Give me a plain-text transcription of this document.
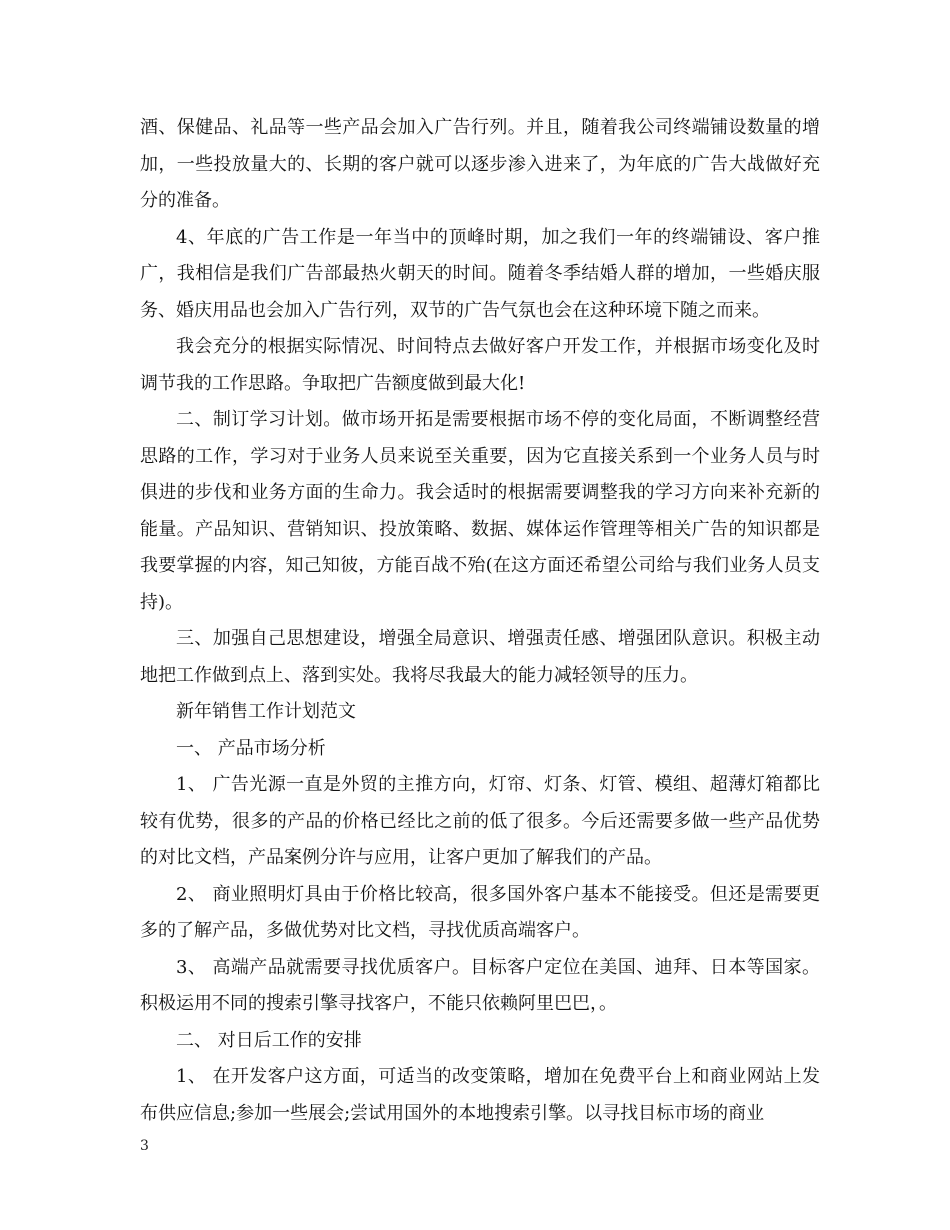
酒、保健品、礼品等一些产品会加入广告行列。并且，随着我公司终端铺设数量的增加，一些投放量大的、长期的客户就可以逐步渗入进来了，为年底的广告大战做好充分的准备。

4、年底的广告工作是一年当中的顶峰时期，加之我们一年的终端铺设、客户推广，我相信是我们广告部最热火朝天的时间。随着冬季结婚人群的增加，一些婚庆服务、婚庆用品也会加入广告行列，双节的广告气氛也会在这种环境下随之而来。

我会充分的根据实际情况、时间特点去做好客户开发工作，并根据市场变化及时调节我的工作思路。争取把广告额度做到最大化!

二、制订学习计划。做市场开拓是需要根据市场不停的变化局面，不断调整经营思路的工作，学习对于业务人员来说至关重要，因为它直接关系到一个业务人员与时俱进的步伐和业务方面的生命力。我会适时的根据需要调整我的学习方向来补充新的能量。产品知识、营销知识、投放策略、数据、媒体运作管理等相关广告的知识都是我要掌握的内容，知己知彼，方能百战不殆(在这方面还希望公司给与我们业务人员支持)。

三、加强自己思想建设，增强全局意识、增强责任感、增强团队意识。积极主动地把工作做到点上、落到实处。我将尽我最大的能力减轻领导的压力。

新年销售工作计划范文

一、 产品市场分析

1、 广告光源一直是外贸的主推方向，灯帘、灯条、灯管、模组、超薄灯箱都比较有优势，很多的产品的价格已经比之前的低了很多。今后还需要多做一些产品优势的对比文档，产品案例分许与应用，让客户更加了解我们的产品。

2、 商业照明灯具由于价格比较高，很多国外客户基本不能接受。但还是需要更多的了解产品，多做优势对比文档，寻找优质高端客户。

3、 高端产品就需要寻找优质客户。目标客户定位在美国、迪拜、日本等国家。积极运用不同的搜索引擎寻找客户，不能只依赖阿里巴巴，。

二、 对日后工作的安排

1、 在开发客户这方面，可适当的改变策略，增加在免费平台上和商业网站上发布供应信息;参加一些展会;尝试用国外的本地搜索引擎。以寻找目标市场的商业

3
